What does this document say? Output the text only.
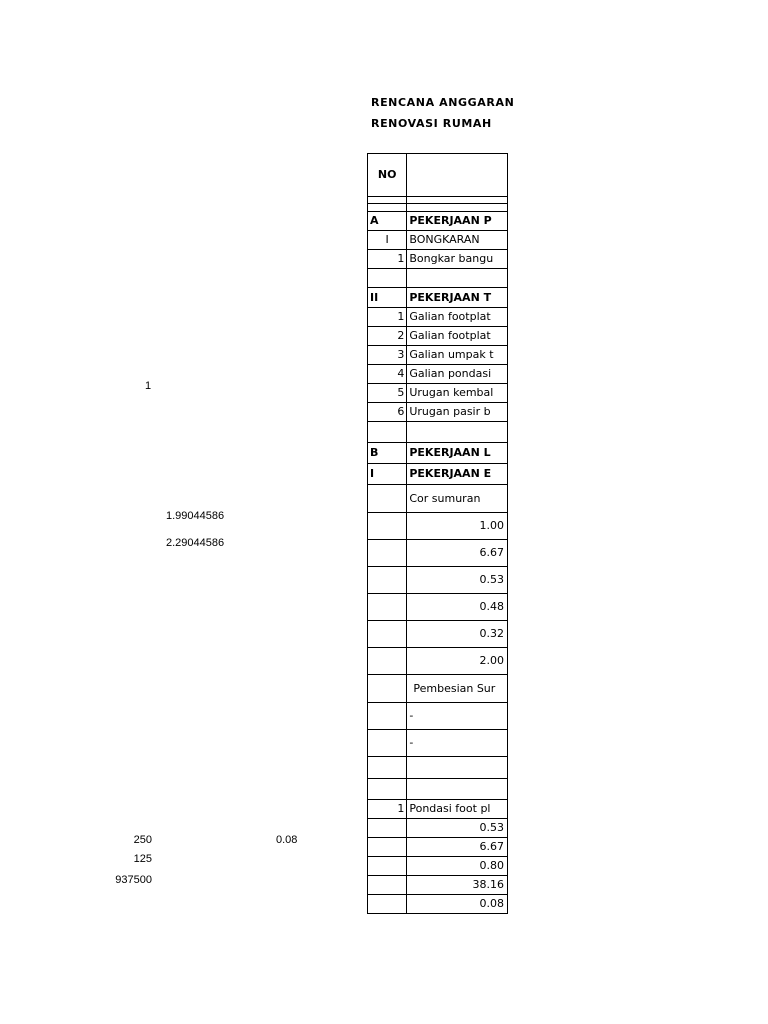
RENCANA ANGGARAN
RENOVASI RUMAH
1
1.99044586
2.29044586
250	0.08
125
937500
NO	

A	PEKERJAAN P
I	BONGKARAN
1	Bongkar bangu

II	PEKERJAAN T
1	Galian footplat
2	Galian footplat
3	Galian umpak t
4	Galian pondasi
5	Urugan kembal
6	Urugan pasir b

B	PEKERJAAN L
I	PEKERJAAN E
	Cor sumuran
	1.00
	6.67
	0.53
	0.48
	0.32
	2.00
	Pembesian Sur
	-
	-

1	Pondasi foot pl
	0.53
	6.67
	0.80
	38.16
	0.08
